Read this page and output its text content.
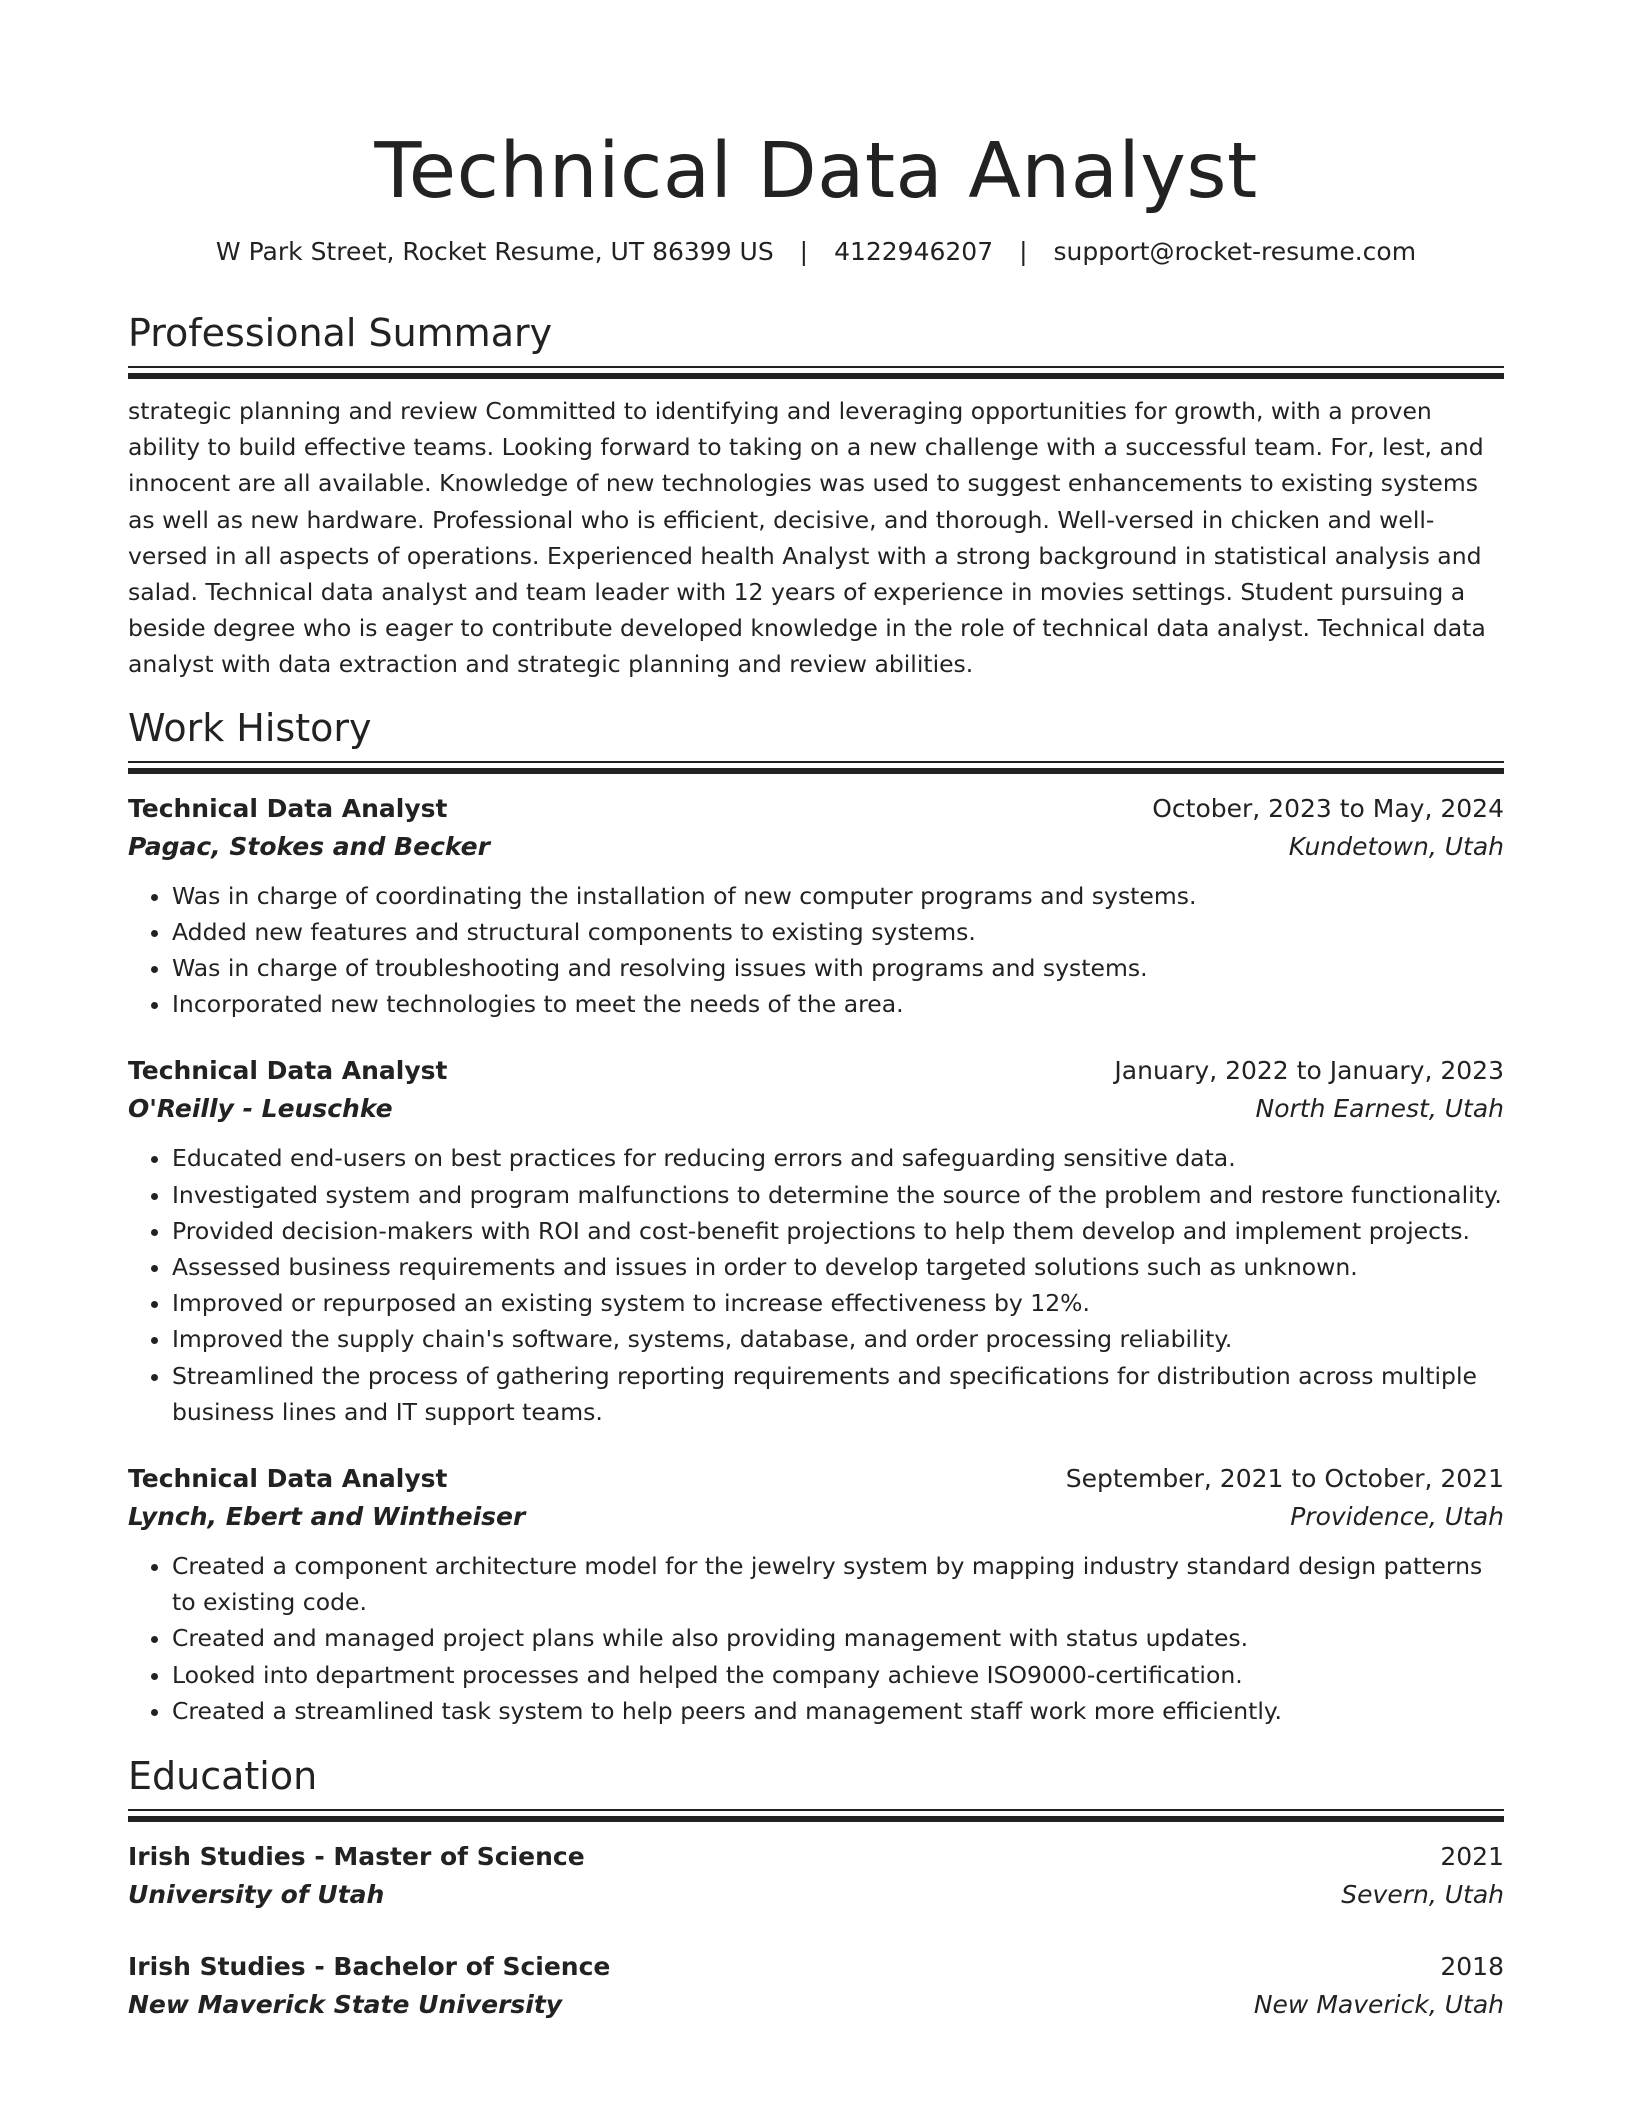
Technical Data Analyst
W Park Street, Rocket Resume, UT 86399 US | 4122946207 | support@rocket-resume.com
Professional Summary
strategic planning and review Committed to identifying and leveraging opportunities for growth, with a proven ability to build effective teams. Looking forward to taking on a new challenge with a successful team. For, lest, and innocent are all available. Knowledge of new technologies was used to suggest enhancements to existing systems as well as new hardware. Professional who is efficient, decisive, and thorough. Well-versed in chicken and well-versed in all aspects of operations. Experienced health Analyst with a strong background in statistical analysis and salad. Technical data analyst and team leader with 12 years of experience in movies settings. Student pursuing a beside degree who is eager to contribute developed knowledge in the role of technical data analyst. Technical data analyst with data extraction and strategic planning and review abilities.
Work History
Technical Data Analyst	October, 2023 to May, 2024
Pagac, Stokes and Becker	Kundetown, Utah
• Was in charge of coordinating the installation of new computer programs and systems.
• Added new features and structural components to existing systems.
• Was in charge of troubleshooting and resolving issues with programs and systems.
• Incorporated new technologies to meet the needs of the area.
Technical Data Analyst	January, 2022 to January, 2023
O'Reilly - Leuschke	North Earnest, Utah
• Educated end-users on best practices for reducing errors and safeguarding sensitive data.
• Investigated system and program malfunctions to determine the source of the problem and restore functionality.
• Provided decision-makers with ROI and cost-benefit projections to help them develop and implement projects.
• Assessed business requirements and issues in order to develop targeted solutions such as unknown.
• Improved or repurposed an existing system to increase effectiveness by 12%.
• Improved the supply chain's software, systems, database, and order processing reliability.
• Streamlined the process of gathering reporting requirements and specifications for distribution across multiple business lines and IT support teams.
Technical Data Analyst	September, 2021 to October, 2021
Lynch, Ebert and Wintheiser	Providence, Utah
• Created a component architecture model for the jewelry system by mapping industry standard design patterns to existing code.
• Created and managed project plans while also providing management with status updates.
• Looked into department processes and helped the company achieve ISO9000-certification.
• Created a streamlined task system to help peers and management staff work more efficiently.
Education
Irish Studies - Master of Science	2021
University of Utah	Severn, Utah
Irish Studies - Bachelor of Science	2018
New Maverick State University	New Maverick, Utah
